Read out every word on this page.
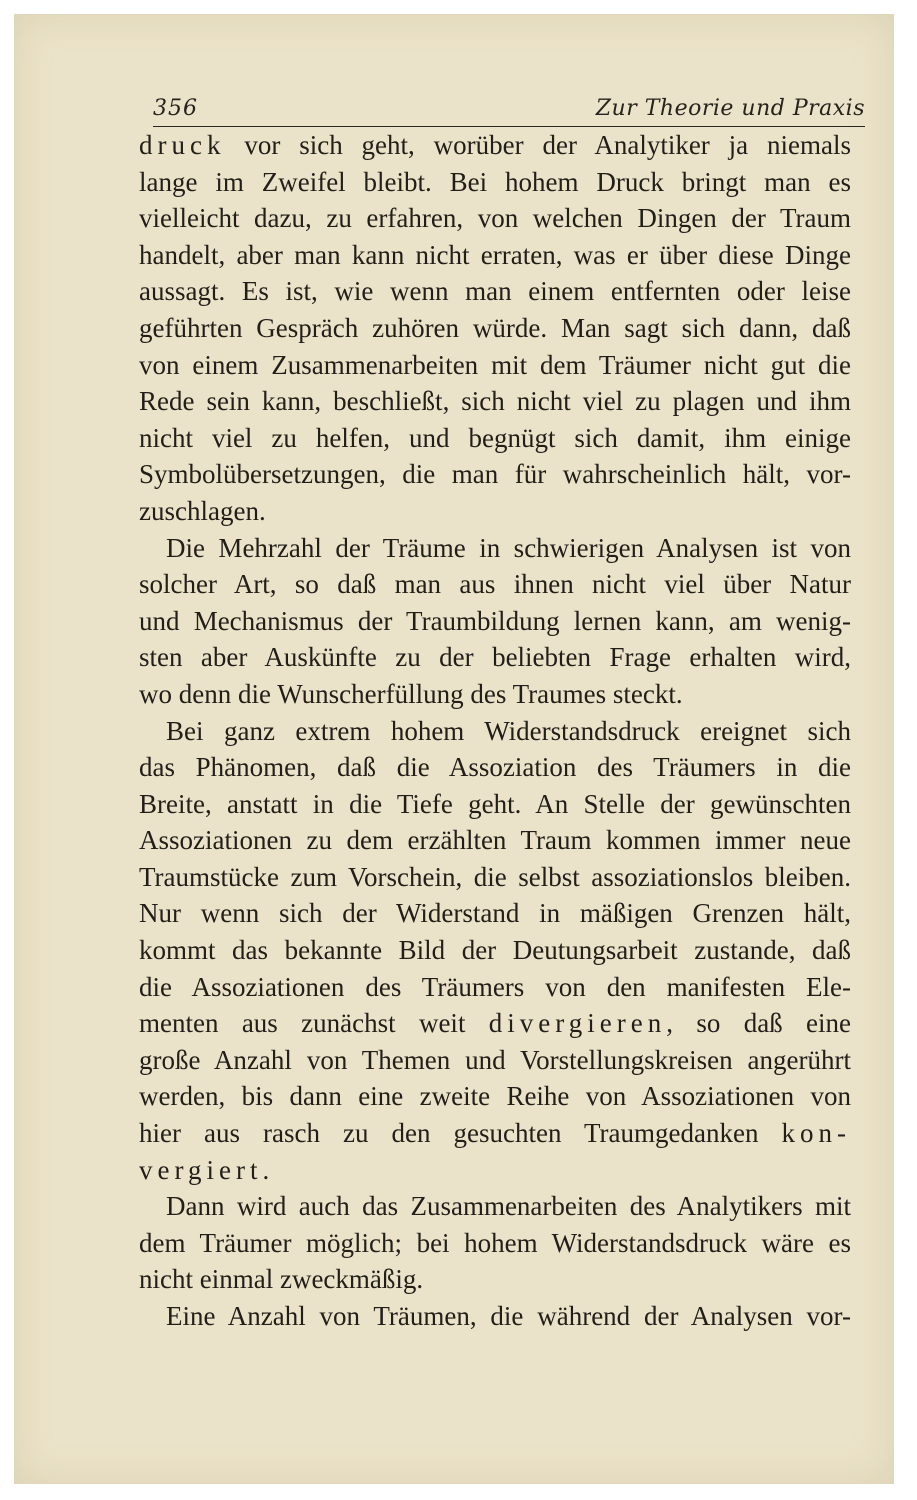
356	Zur Theorie und Praxis

druck vor sich geht, worüber der Analytiker ja niemals
lange im Zweifel bleibt. Bei hohem Druck bringt man es
vielleicht dazu, zu erfahren, von welchen Dingen der Traum
handelt, aber man kann nicht erraten, was er über diese Dinge
aussagt. Es ist, wie wenn man einem entfernten oder leise
geführten Gespräch zuhören würde. Man sagt sich dann, daß
von einem Zusammenarbeiten mit dem Träumer nicht gut die
Rede sein kann, beschließt, sich nicht viel zu plagen und ihm
nicht viel zu helfen, und begnügt sich damit, ihm einige
Symbolübersetzungen, die man für wahrscheinlich hält, vor-
zuschlagen.

 Die Mehrzahl der Träume in schwierigen Analysen ist von
solcher Art, so daß man aus ihnen nicht viel über Natur
und Mechanismus der Traumbildung lernen kann, am wenig-
sten aber Auskünfte zu der beliebten Frage erhalten wird,
wo denn die Wunscherfüllung des Traumes steckt.

 Bei ganz extrem hohem Widerstandsdruck ereignet sich
das Phänomen, daß die Assoziation des Träumers in die
Breite, anstatt in die Tiefe geht. An Stelle der gewünschten
Assoziationen zu dem erzählten Traum kommen immer neue
Traumstücke zum Vorschein, die selbst assoziationslos bleiben.
Nur wenn sich der Widerstand in mäßigen Grenzen hält,
kommt das bekannte Bild der Deutungsarbeit zustande, daß
die Assoziationen des Träumers von den manifesten Ele-
menten aus zunächst weit divergieren, so daß eine
große Anzahl von Themen und Vorstellungskreisen angerührt
werden, bis dann eine zweite Reihe von Assoziationen von
hier aus rasch zu den gesuchten Traumgedanken kon-
vergiert.

 Dann wird auch das Zusammenarbeiten des Analytikers mit
dem Träumer möglich; bei hohem Widerstandsdruck wäre es
nicht einmal zweckmäßig.

 Eine Anzahl von Träumen, die während der Analysen vor-
